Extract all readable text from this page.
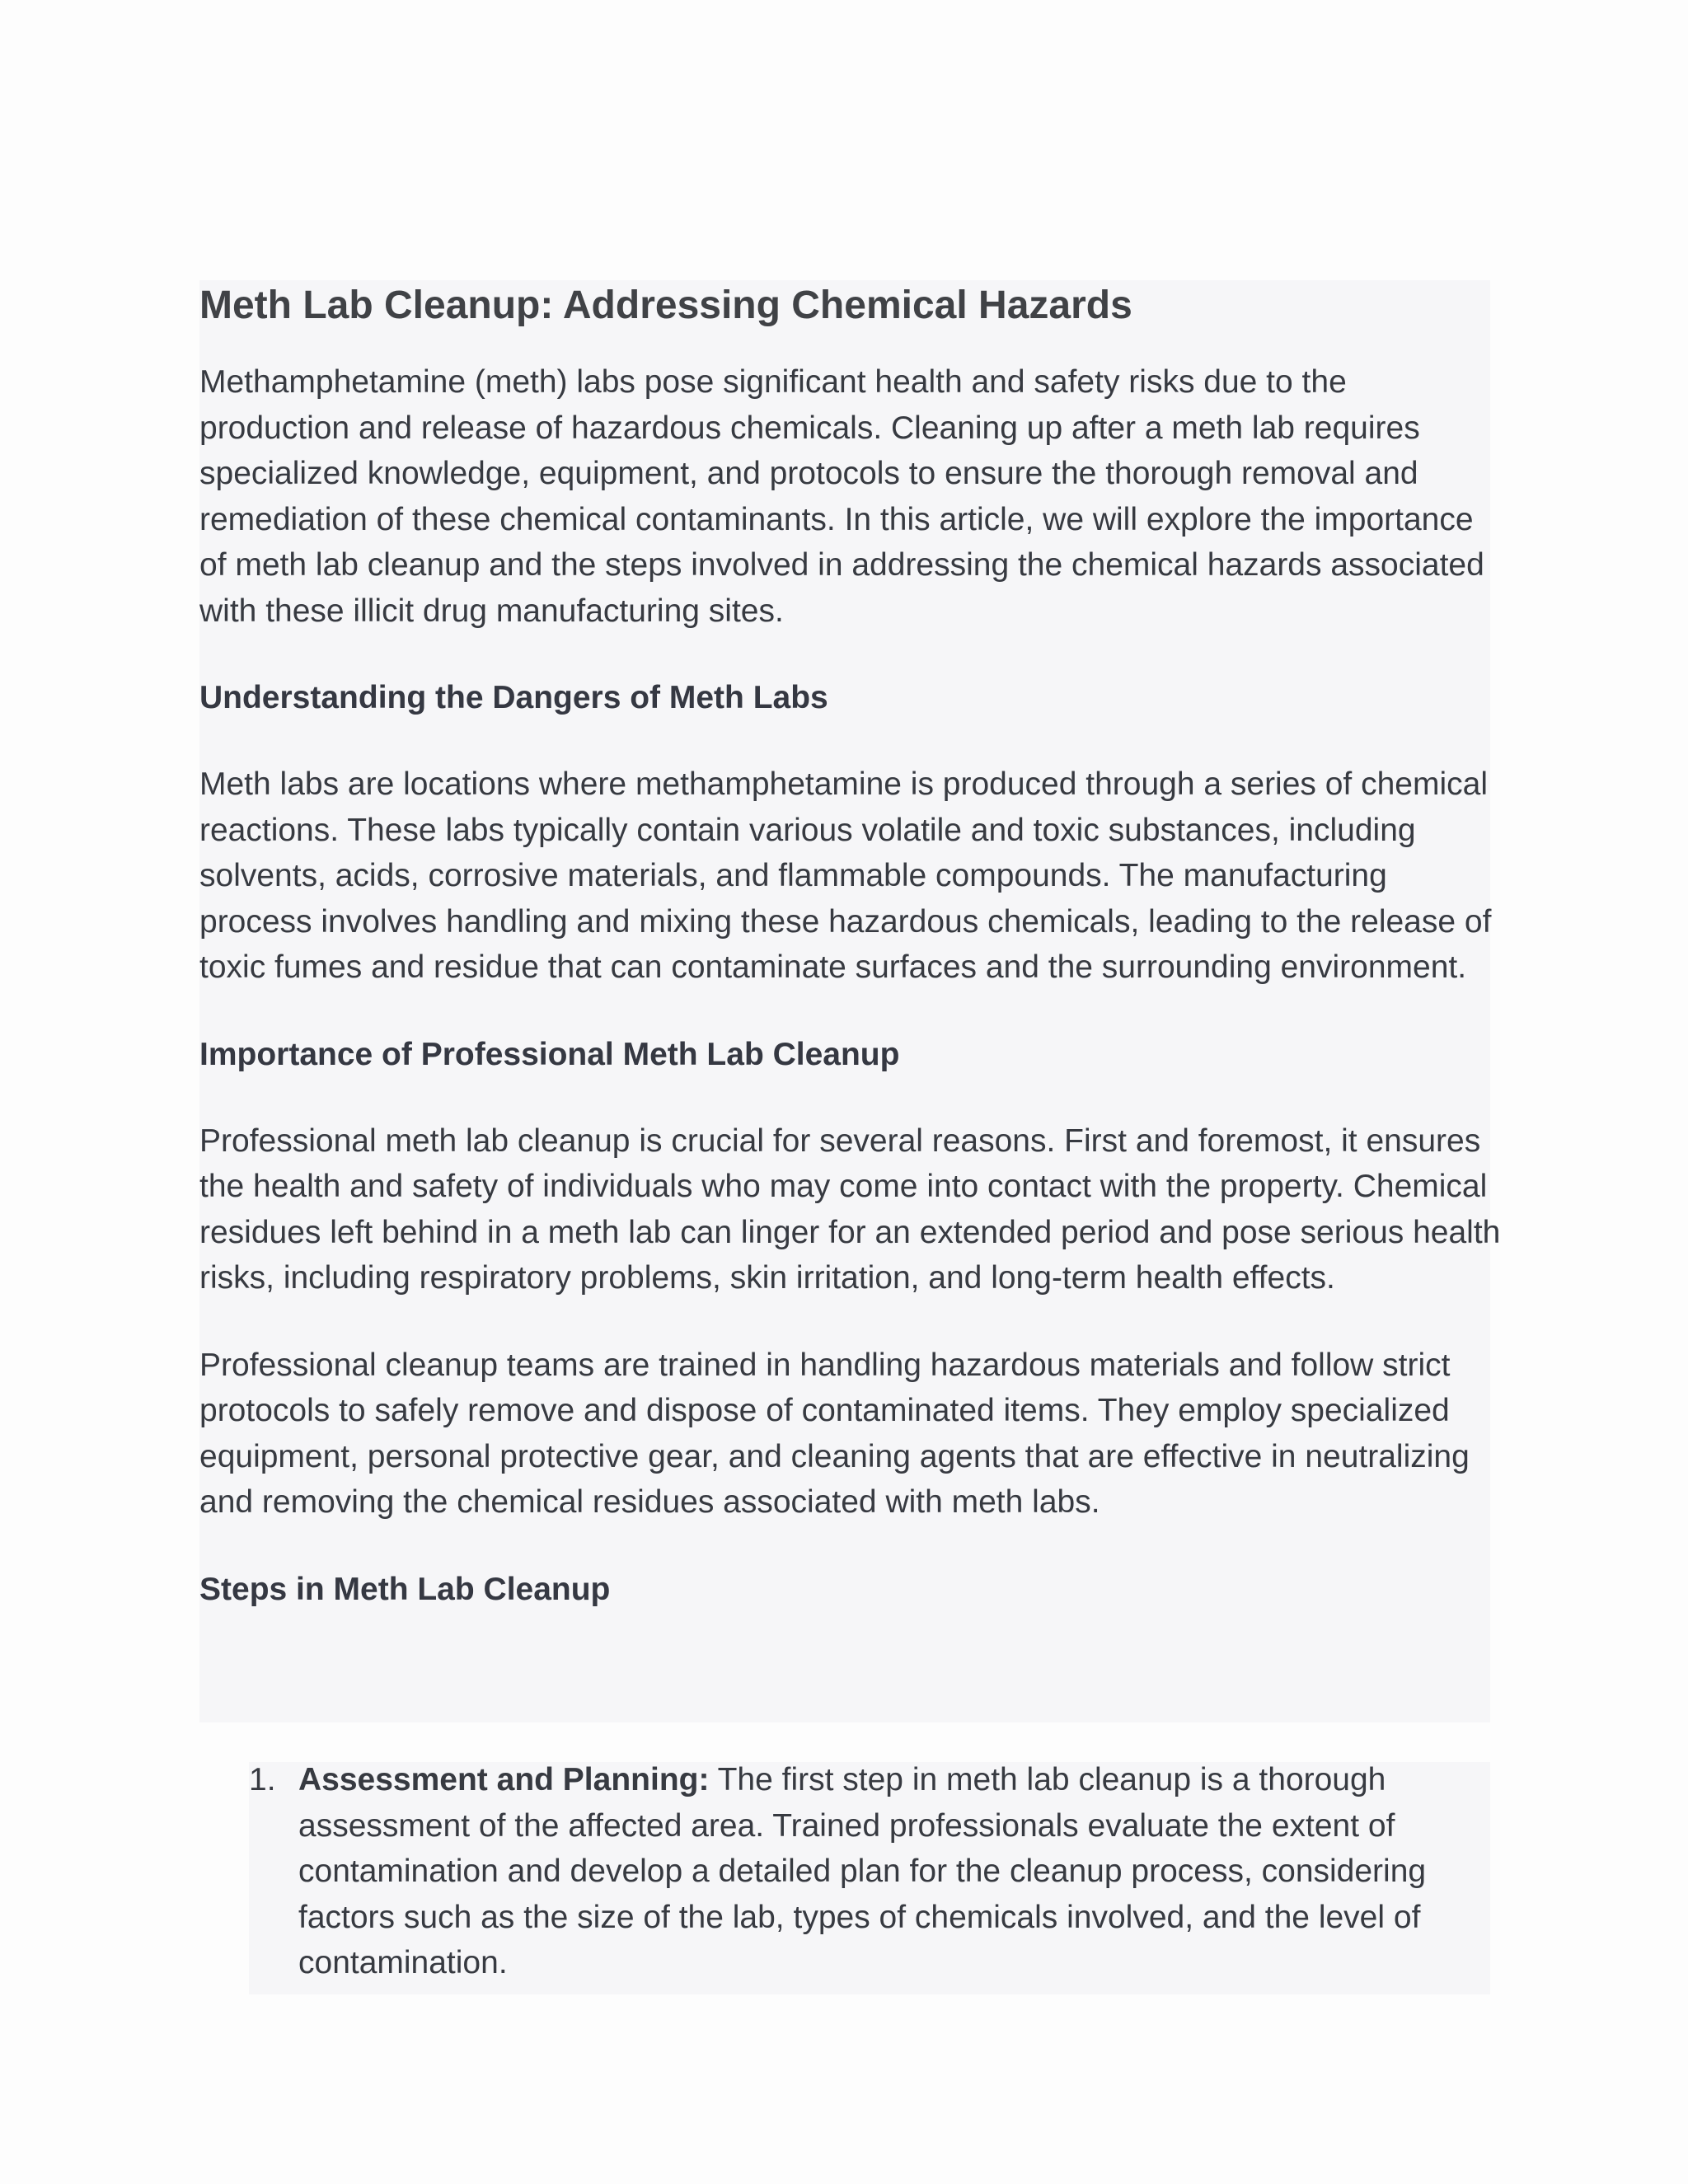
Meth Lab Cleanup: Addressing Chemical Hazards

Methamphetamine (meth) labs pose significant health and safety risks due to the production and release of hazardous chemicals. Cleaning up after a meth lab requires specialized knowledge, equipment, and protocols to ensure the thorough removal and remediation of these chemical contaminants. In this article, we will explore the importance of meth lab cleanup and the steps involved in addressing the chemical hazards associated with these illicit drug manufacturing sites.

Understanding the Dangers of Meth Labs

Meth labs are locations where methamphetamine is produced through a series of chemical reactions. These labs typically contain various volatile and toxic substances, including solvents, acids, corrosive materials, and flammable compounds. The manufacturing process involves handling and mixing these hazardous chemicals, leading to the release of toxic fumes and residue that can contaminate surfaces and the surrounding environment.

Importance of Professional Meth Lab Cleanup

Professional meth lab cleanup is crucial for several reasons. First and foremost, it ensures the health and safety of individuals who may come into contact with the property. Chemical residues left behind in a meth lab can linger for an extended period and pose serious health risks, including respiratory problems, skin irritation, and long-term health effects.

Professional cleanup teams are trained in handling hazardous materials and follow strict protocols to safely remove and dispose of contaminated items. They employ specialized equipment, personal protective gear, and cleaning agents that are effective in neutralizing and removing the chemical residues associated with meth labs.

Steps in Meth Lab Cleanup
1. Assessment and Planning: The first step in meth lab cleanup is a thorough assessment of the affected area. Trained professionals evaluate the extent of contamination and develop a detailed plan for the cleanup process, considering factors such as the size of the lab, types of chemicals involved, and the level of contamination.
